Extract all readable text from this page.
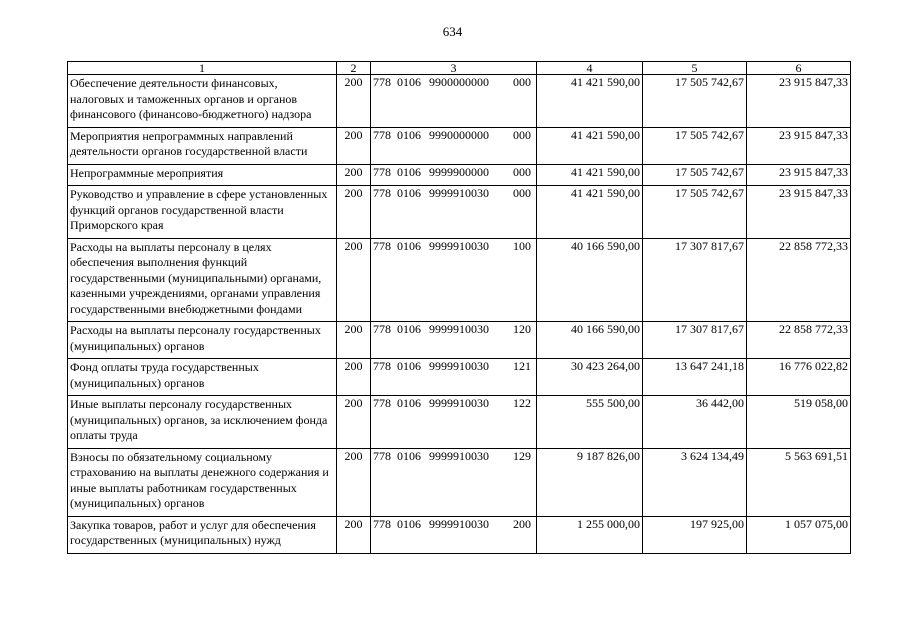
634
1	2	3	4	5	6
Обеспечение деятельности финансовых, налоговых и таможенных органов и органов финансового (финансово-бюджетного) надзора	200	778 0106 9900000000 000	41 421 590,00	17 505 742,67	23 915 847,33
Мероприятия непрограммных направлений деятельности органов государственной власти	200	778 0106 9990000000 000	41 421 590,00	17 505 742,67	23 915 847,33
Непрограммные мероприятия	200	778 0106 9999900000 000	41 421 590,00	17 505 742,67	23 915 847,33
Руководство и управление в сфере установленных функций органов государственной власти Приморского края	200	778 0106 9999910030 000	41 421 590,00	17 505 742,67	23 915 847,33
Расходы на выплаты персоналу в целях обеспечения выполнения функций государственными (муниципальными) органами, казенными учреждениями, органами управления государственными внебюджетными фондами	200	778 0106 9999910030 100	40 166 590,00	17 307 817,67	22 858 772,33
Расходы на выплаты персоналу государственных (муниципальных) органов	200	778 0106 9999910030 120	40 166 590,00	17 307 817,67	22 858 772,33
Фонд оплаты труда государственных (муниципальных) органов	200	778 0106 9999910030 121	30 423 264,00	13 647 241,18	16 776 022,82
Иные выплаты персоналу государственных (муниципальных) органов, за исключением фонда оплаты труда	200	778 0106 9999910030 122	555 500,00	36 442,00	519 058,00
Взносы по обязательному социальному страхованию на выплаты денежного содержания и иные выплаты работникам государственных (муниципальных) органов	200	778 0106 9999910030 129	9 187 826,00	3 624 134,49	5 563 691,51
Закупка товаров, работ и услуг для обеспечения государственных (муниципальных) нужд	200	778 0106 9999910030 200	1 255 000,00	197 925,00	1 057 075,00
